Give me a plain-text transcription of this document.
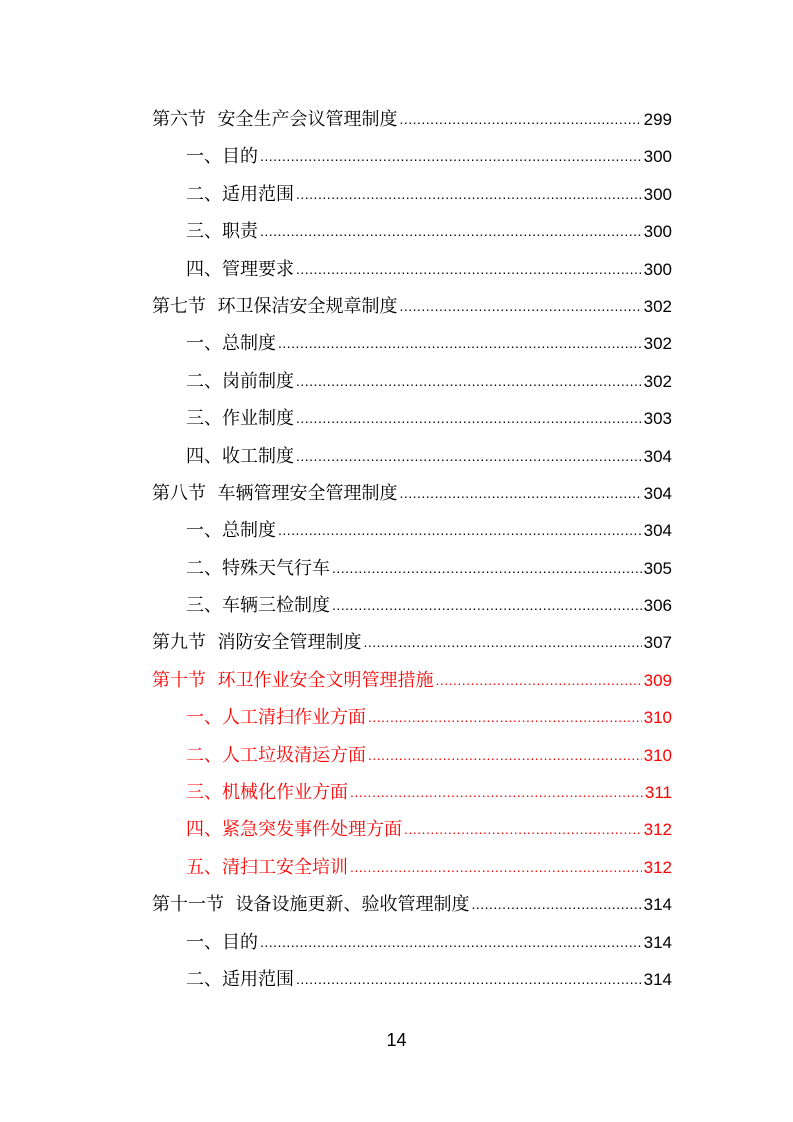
第六节 安全生产会议管理制度 .....	299
一、目的 .....	300
二、适用范围 .....	300
三、职责 .....	300
四、管理要求 .....	300
第七节 环卫保洁安全规章制度 .....	302
一、总制度 .....	302
二、岗前制度 .....	302
三、作业制度 .....	303
四、收工制度 .....	304
第八节 车辆管理安全管理制度 .....	304
一、总制度 .....	304
二、特殊天气行车 .....	305
三、车辆三检制度 .....	306
第九节 消防安全管理制度 .....	307
第十节 环卫作业安全文明管理措施 .....	309
一、人工清扫作业方面 .....	310
二、人工垃圾清运方面 .....	310
三、机械化作业方面 .....	311
四、紧急突发事件处理方面 .....	312
五、清扫工安全培训 .....	312
第十一节 设备设施更新、验收管理制度 .....	314
一、目的 .....	314
二、适用范围 .....	314
14
